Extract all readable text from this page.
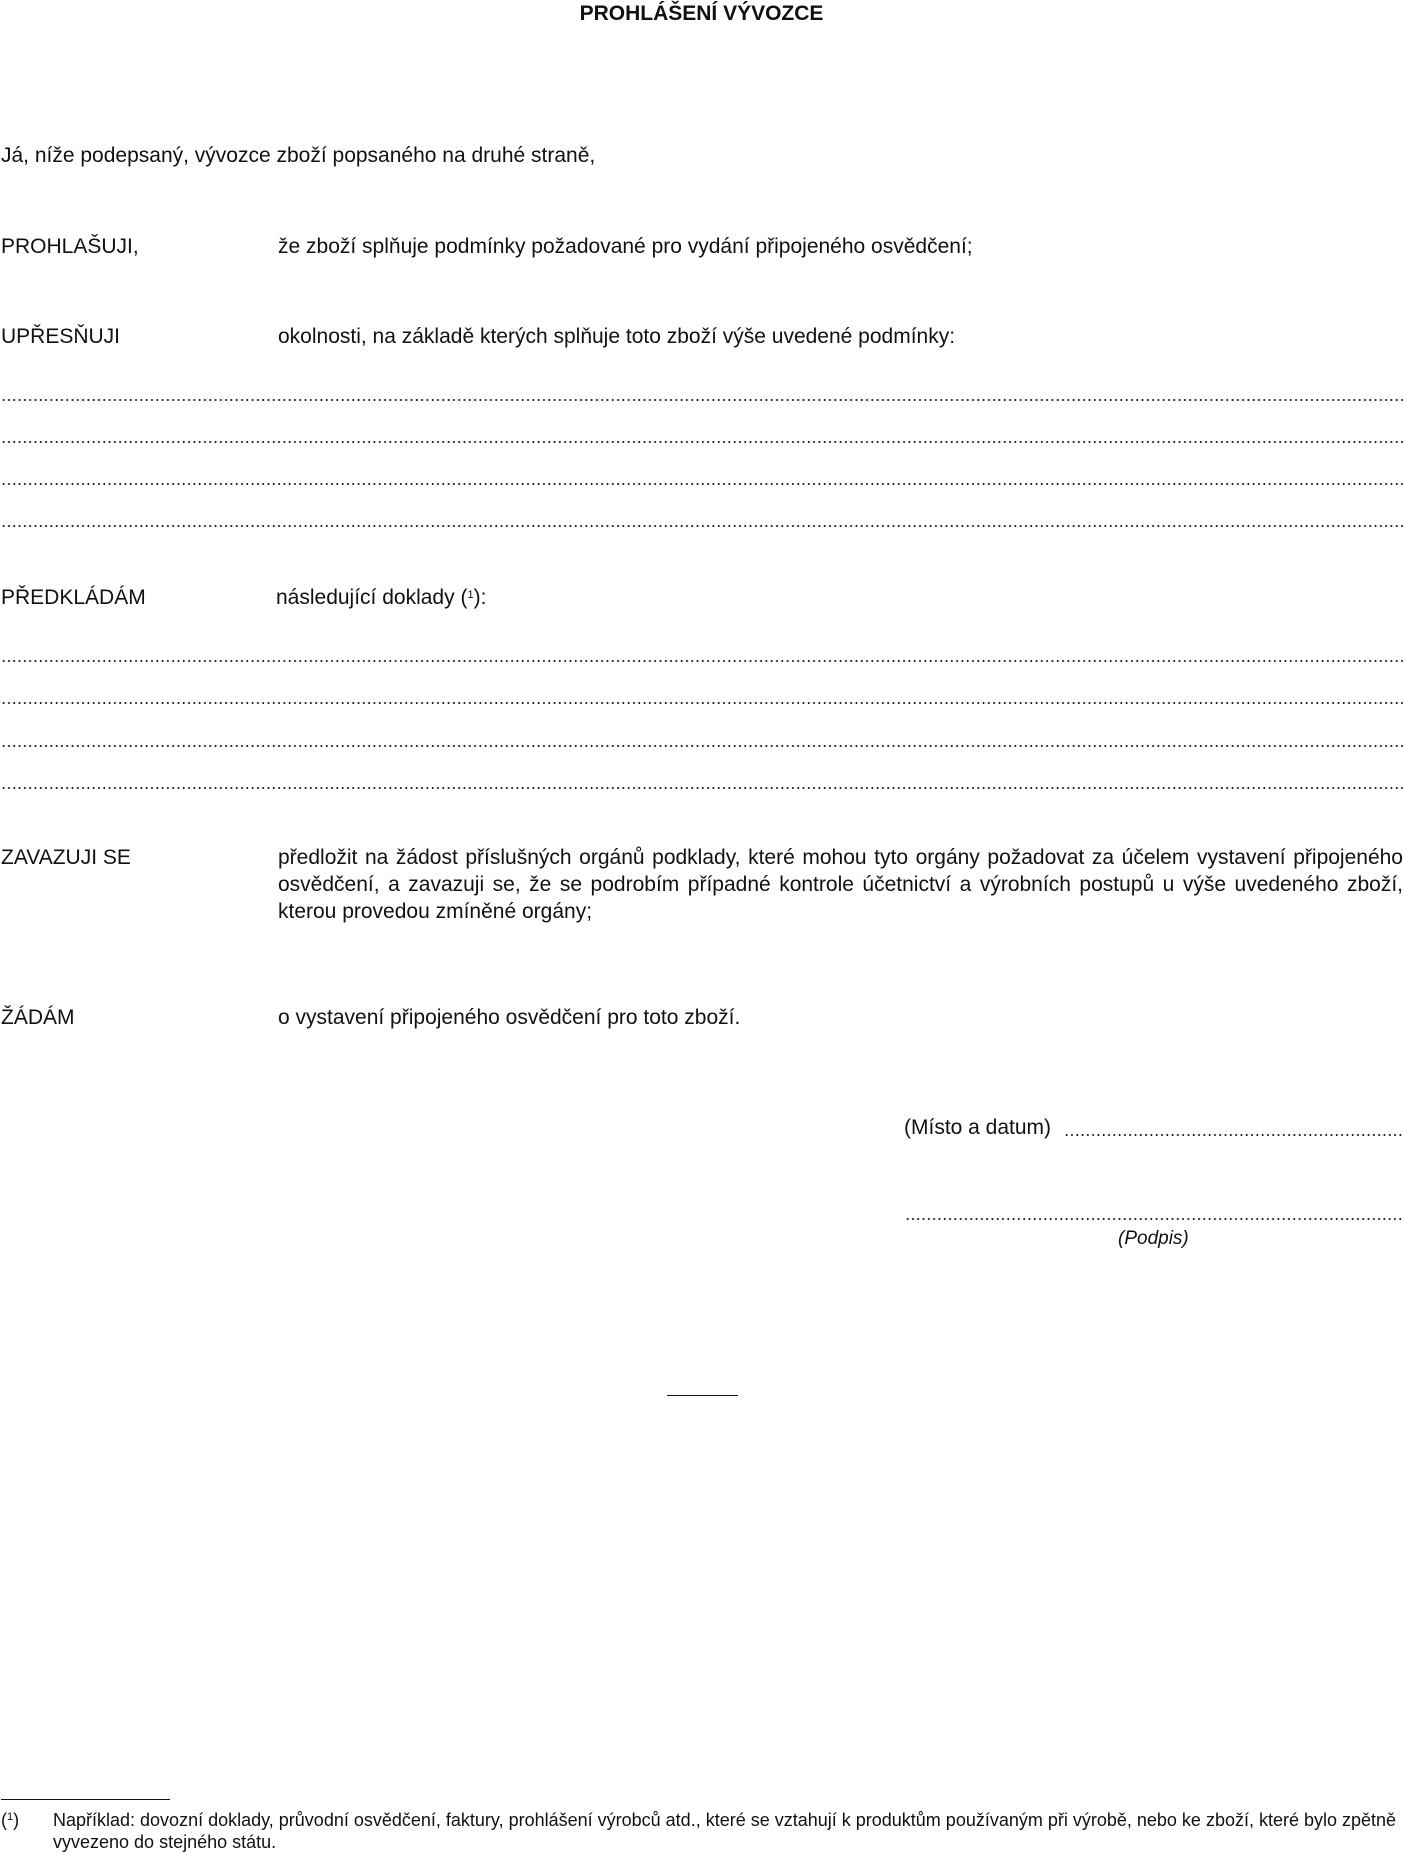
PROHLÁŠENÍ VÝVOZCE
Já, níže podepsaný, vývozce zboží popsaného na druhé straně,
PROHLAŠUJI,	že zboží splňuje podmínky požadované pro vydání připojeného osvědčení;
UPŘESŇUJI	okolnosti, na základě kterých splňuje toto zboží výše uvedené podmínky:
PŘEDKLÁDÁM	následující doklady ($^1$):
ZAVAZUJI SE	předložit na žádost příslušných orgánů podklady, které mohou tyto orgány požadovat za účelem vystavení připojeného osvědčení, a zavazuji se, že se podrobím případné kontrole účetnictví a výrobních postupů u výše uvedeného zboží, kterou provedou zmíněné orgány;
ŽÁDÁM	o vystavení připojeného osvědčení pro toto zboží.
(Místo a datum)
(Podpis)
($^1$) Například: dovozní doklady, průvodní osvědčení, faktury, prohlášení výrobců atd., které se vztahují k produktům používaným při výrobě, nebo ke zboží, které bylo zpětně vyvezeno do stejného státu.
